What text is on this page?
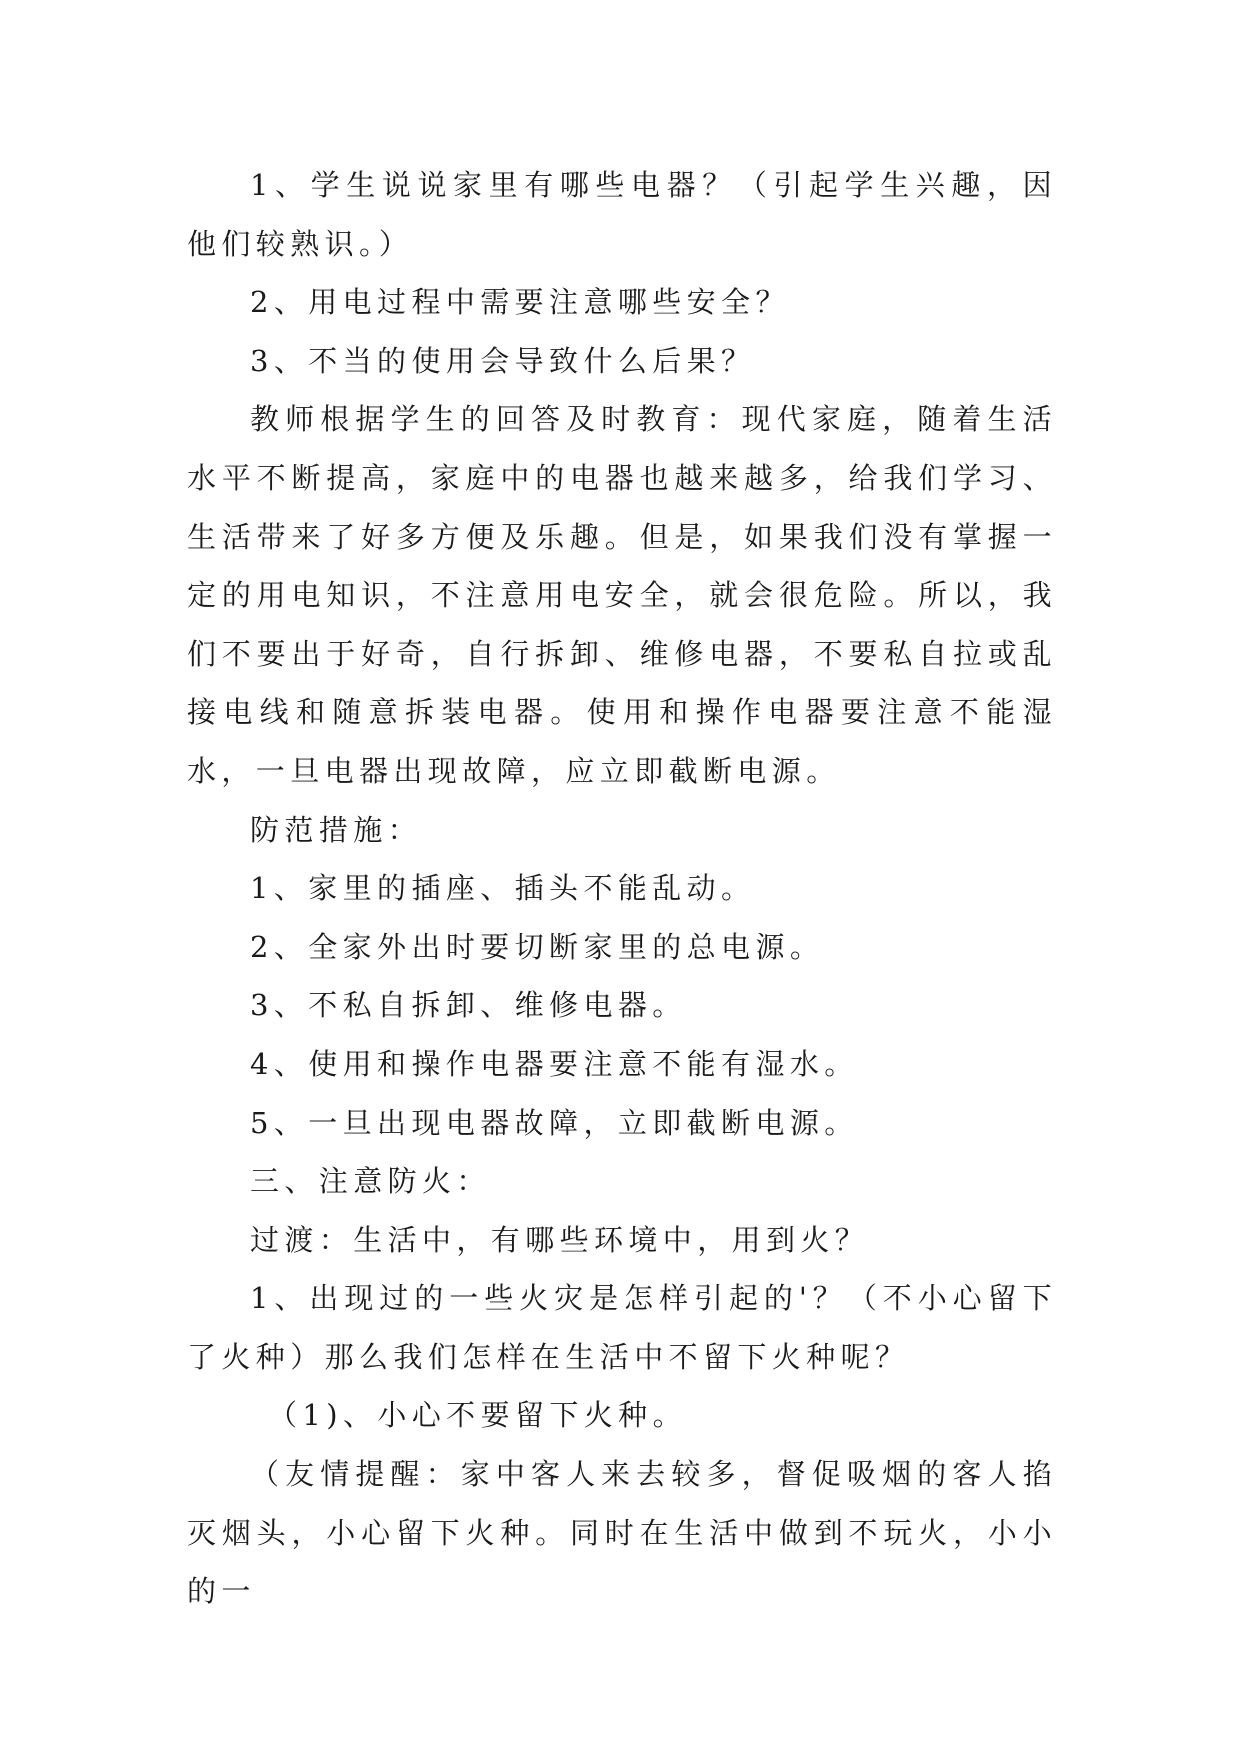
1、学生说说家里有哪些电器？（引起学生兴趣，因他们较熟识。）

2、用电过程中需要注意哪些安全？

3、不当的使用会导致什么后果？

教师根据学生的回答及时教育：现代家庭，随着生活水平不断提高，家庭中的电器也越来越多，给我们学习、生活带来了好多方便及乐趣。但是，如果我们没有掌握一定的用电知识，不注意用电安全，就会很危险。所以，我们不要出于好奇，自行拆卸、维修电器，不要私自拉或乱接电线和随意拆装电器。使用和操作电器要注意不能湿水，一旦电器出现故障，应立即截断电源。

防范措施：

1、家里的插座、插头不能乱动。

2、全家外出时要切断家里的总电源。

3、不私自拆卸、维修电器。

4、使用和操作电器要注意不能有湿水。

5、一旦出现电器故障，立即截断电源。

三、注意防火：

过渡：生活中，有哪些环境中，用到火？

1、出现过的一些火灾是怎样引起的'？（不小心留下了火种）那么我们怎样在生活中不留下火种呢？

（1)、小心不要留下火种。

（友情提醒：家中客人来去较多，督促吸烟的客人掐灭烟头，小心留下火种。同时在生活中做到不玩火，小小的一
